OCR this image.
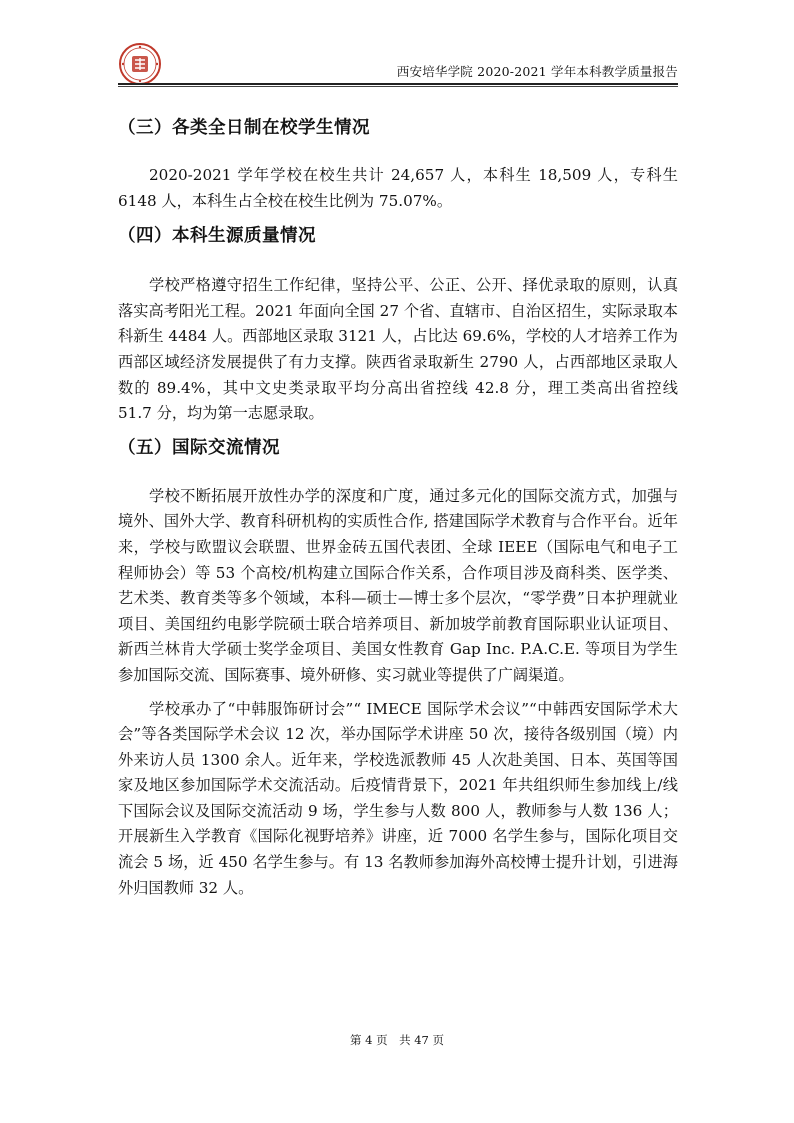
西安培华学院 2020-2021 学年本科教学质量报告
（三）各类全日制在校学生情况

2020-2021 学年学校在校生共计 24,657 人，本科生 18,509 人，专科生 6148 人，本科生占全校在校生比例为 75.07%。

（四）本科生源质量情况

学校严格遵守招生工作纪律，坚持公平、公正、公开、择优录取的原则，认真落实高考阳光工程。2021 年面向全国 27 个省、直辖市、自治区招生，实际录取本科新生 4484 人。西部地区录取 3121 人，占比达 69.6%，学校的人才培养工作为西部区域经济发展提供了有力支撑。陕西省录取新生 2790 人，占西部地区录取人数的 89.4%，其中文史类录取平均分高出省控线 42.8 分，理工类高出省控线 51.7 分，均为第一志愿录取。

（五）国际交流情况

学校不断拓展开放性办学的深度和广度，通过多元化的国际交流方式，加强与境外、国外大学、教育科研机构的实质性合作, 搭建国际学术教育与合作平台。近年来，学校与欧盟议会联盟、世界金砖五国代表团、全球 IEEE（国际电气和电子工程师协会）等 53 个高校/机构建立国际合作关系，合作项目涉及商科类、医学类、艺术类、教育类等多个领域，本科—硕士—博士多个层次，“零学费”日本护理就业项目、美国纽约电影学院硕士联合培养项目、新加坡学前教育国际职业认证项目、新西兰林肯大学硕士奖学金项目、美国女性教育 Gap Inc. P.A.C.E. 等项目为学生参加国际交流、国际赛事、境外研修、实习就业等提供了广阔渠道。

学校承办了“中韩服饰研讨会”“ IMECE 国际学术会议”“中韩西安国际学术大会”等各类国际学术会议 12 次，举办国际学术讲座 50 次，接待各级别国（境）内外来访人员 1300 余人。近年来，学校选派教师 45 人次赴美国、日本、英国等国家及地区参加国际学术交流活动。后疫情背景下，2021 年共组织师生参加线上/线下国际会议及国际交流活动 9 场，学生参与人数 800 人，教师参与人数 136 人；开展新生入学教育《国际化视野培养》讲座，近 7000 名学生参与，国际化项目交流会 5 场，近 450 名学生参与。有 13 名教师参加海外高校博士提升计划，引进海外归国教师 32 人。

第 4 页　共 47 页
